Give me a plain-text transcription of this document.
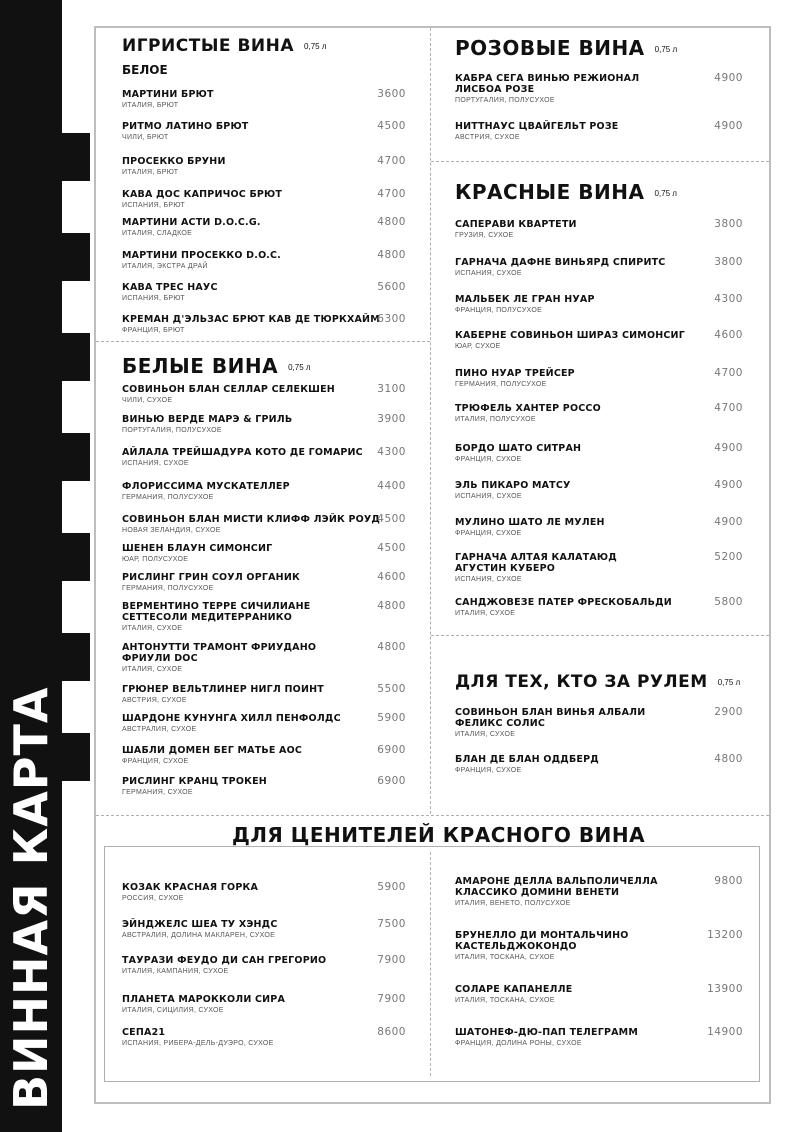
ВИННАЯ КАРТА
ИГРИСТЫЕ ВИНА 0,75 л
БЕЛОЕ
МАРТИНИ БРЮТ
ИТАЛИЯ, БРЮТ
3600
РИТМО ЛАТИНО БРЮТ
ЧИЛИ, БРЮТ
4500
ПРОСЕККО БРУНИ
ИТАЛИЯ, БРЮТ
4700
КАВА ДОС КАПРИЧОС БРЮТ
ИСПАНИЯ, БРЮТ
4700
МАРТИНИ АСТИ D.O.C.G.
ИТАЛИЯ, СЛАДКОЕ
4800
МАРТИНИ ПРОСЕККО D.O.C.
ИТАЛИЯ, ЭКСТРА ДРАЙ
4800
КАВА ТРЕС НАУС
ИСПАНИЯ, БРЮТ
5600
КРЕМАН Д'ЭЛЬЗАС БРЮТ КАВ ДЕ ТЮРКХАЙМ
ФРАНЦИЯ, БРЮТ
6300
БЕЛЫЕ ВИНА 0,75 л
СОВИНЬОН БЛАН СЕЛЛАР СЕЛЕКШЕН
ЧИЛИ, СУХОЕ
3100
ВИНЬЮ ВЕРДЕ МАРЭ & ГРИЛЬ
ПОРТУГАЛИЯ, ПОЛУСУХОЕ
3900
АЙЛАЛА ТРЕЙШАДУРА КОТО ДЕ ГОМАРИС
ИСПАНИЯ, СУХОЕ
4300
ФЛОРИССИМА МУСКАТЕЛЛЕР
ГЕРМАНИЯ, ПОЛУСУХОЕ
4400
СОВИНЬОН БЛАН МИСТИ КЛИФФ ЛЭЙК РОУД
НОВАЯ ЗЕЛАНДИЯ, СУХОЕ
4500
ШЕНЕН БЛАУН СИМОНСИГ
ЮАР, ПОЛУСУХОЕ
4500
РИСЛИНГ ГРИН СОУЛ ОРГАНИК
ГЕРМАНИЯ, ПОЛУСУХОЕ
4600
ВЕРМЕНТИНО ТЕРРЕ СИЧИЛИАНЕ
СЕТТЕСОЛИ МЕДИТЕРРАНИКО
ИТАЛИЯ, СУХОЕ
4800
АНТОНУТТИ ТРАМОНТ ФРИУДАНО
ФРИУЛИ DOC
ИТАЛИЯ, СУХОЕ
4800
ГРЮНЕР ВЕЛЬТЛИНЕР НИГЛ ПОИНТ
АВСТРИЯ, СУХОЕ
5500
ШАРДОНЕ КУНУНГА ХИЛЛ ПЕНФОЛДС
АВСТРАЛИЯ, СУХОЕ
5900
ШАБЛИ ДОМЕН БЕГ МАТЬЕ АОС
ФРАНЦИЯ, СУХОЕ
6900
РИСЛИНГ КРАНЦ ТРОКЕН
ГЕРМАНИЯ, СУХОЕ
6900
РОЗОВЫЕ ВИНА 0,75 л
КАБРА СЕГА ВИНЬЮ РЕЖИОНАЛ
ЛИСБОА РОЗЕ
ПОРТУГАЛИЯ, ПОЛУСУХОЕ
4900
НИТТНАУС ЦВАЙГЕЛЬТ РОЗЕ
АВСТРИЯ, СУХОЕ
4900
КРАСНЫЕ ВИНА 0,75 л
САПЕРАВИ КВАРТЕТИ
ГРУЗИЯ, СУХОЕ
3800
ГАРНАЧА ДАФНЕ ВИНЬЯРД СПИРИТС
ИСПАНИЯ, СУХОЕ
3800
МАЛЬБЕК ЛЕ ГРАН НУАР
ФРАНЦИЯ, ПОЛУСУХОЕ
4300
КАБЕРНЕ СОВИНЬОН ШИРАЗ СИМОНСИГ
ЮАР, СУХОЕ
4600
ПИНО НУАР ТРЕЙСЕР
ГЕРМАНИЯ, ПОЛУСУХОЕ
4700
ТРЮФЕЛЬ ХАНТЕР РОССО
ИТАЛИЯ, ПОЛУСУХОЕ
4700
БОРДО ШАТО СИТРАН
ФРАНЦИЯ, СУХОЕ
4900
ЭЛЬ ПИКАРО МАТСУ
ИСПАНИЯ, СУХОЕ
4900
МУЛИНО ШАТО ЛЕ МУЛЕН
ФРАНЦИЯ, СУХОЕ
4900
ГАРНАЧА АЛТАЯ КАЛАТАЮД
АГУСТИН КУБЕРО
ИСПАНИЯ, СУХОЕ
5200
САНДЖОВЕЗЕ ПАТЕР ФРЕСКОБАЛЬДИ
ИТАЛИЯ, СУХОЕ
5800
ДЛЯ ТЕХ, КТО ЗА РУЛЕМ 0,75 л
СОВИНЬОН БЛАН ВИНЬЯ АЛБАЛИ
ФЕЛИКС СОЛИС
ИТАЛИЯ, СУХОЕ
2900
БЛАН ДЕ БЛАН ОДДБЕРД
ФРАНЦИЯ, СУХОЕ
4800
ДЛЯ ЦЕНИТЕЛЕЙ КРАСНОГО ВИНА
КОЗАК КРАСНАЯ ГОРКА
РОССИЯ, СУХОЕ
5900
ЭЙНДЖЕЛС ШЕА ТУ ХЭНДС
АВСТРАЛИЯ, ДОЛИНА МАКЛАРЕН, СУХОЕ
7500
ТАУРАЗИ ФЕУДО ДИ САН ГРЕГОРИО
ИТАЛИЯ, КАМПАНИЯ, СУХОЕ
7900
ПЛАНЕТА МАРОККОЛИ СИРА
ИТАЛИЯ, СИЦИЛИЯ, СУХОЕ
7900
СЕПА21
ИСПАНИЯ, РИБЕРА-ДЕЛЬ-ДУЭРО, СУХОЕ
8600
АМАРОНЕ ДЕЛЛА ВАЛЬПОЛИЧЕЛЛА
КЛАССИКО ДОМИНИ ВЕНЕТИ
ИТАЛИЯ, ВЕНЕТО, ПОЛУСУХОЕ
9800
БРУНЕЛЛО ДИ МОНТАЛЬЧИНО
КАСТЕЛЬДЖОКОНДО
ИТАЛИЯ, ТОСКАНА, СУХОЕ
13200
СОЛАРЕ КАПАНЕЛЛЕ
ИТАЛИЯ, ТОСКАНА, СУХОЕ
13900
ШАТОНЕФ-ДЮ-ПАП ТЕЛЕГРАММ
ФРАНЦИЯ, ДОЛИНА РОНЫ, СУХОЕ
14900
